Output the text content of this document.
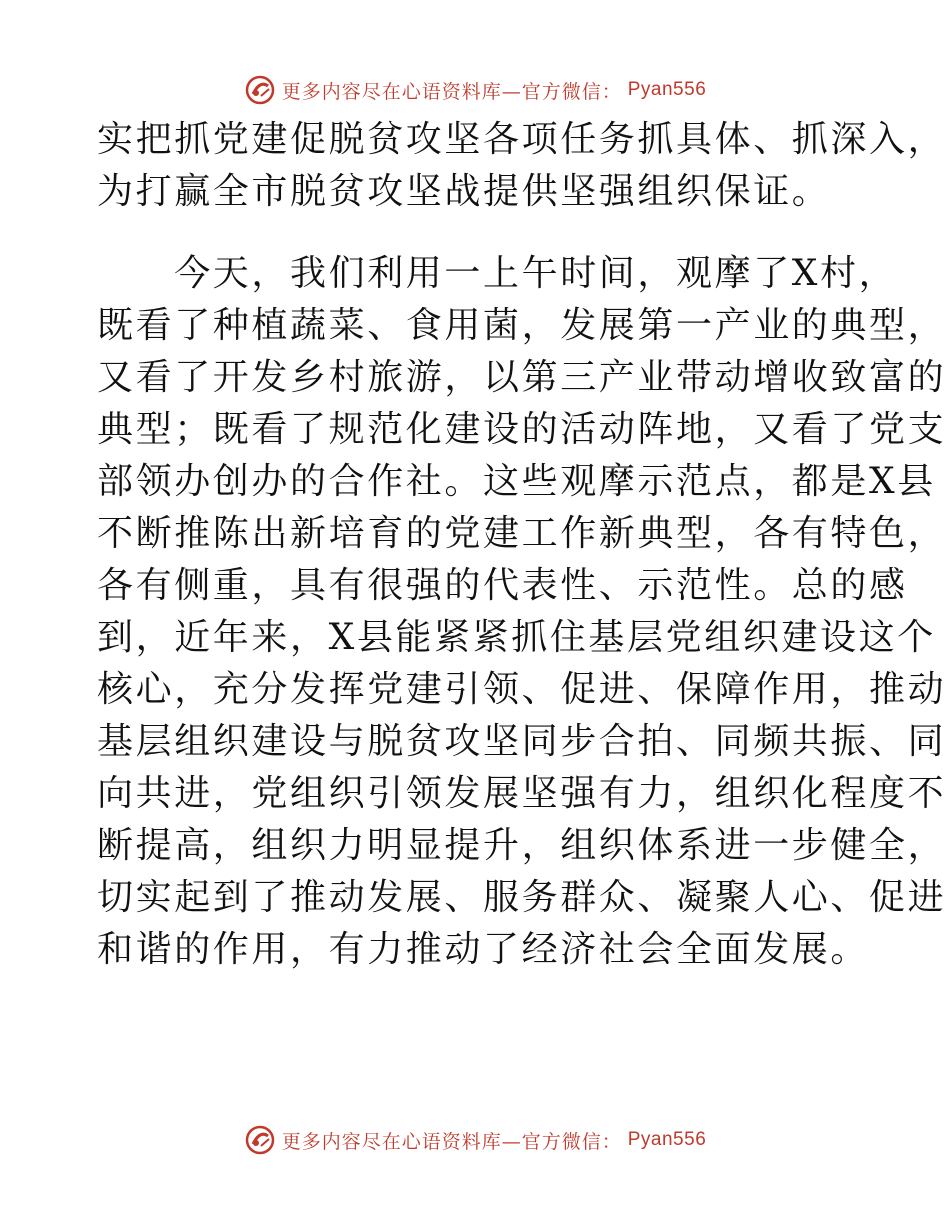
更多内容尽在心语资料库—官方微信： Pyan556
实把抓党建促脱贫攻坚各项任务抓具体、抓深入，
为打赢全市脱贫攻坚战提供坚强组织保证。
　　今天，我们利用一上午时间，观摩了X村，
既看了种植蔬菜、食用菌，发展第一产业的典型，
又看了开发乡村旅游，以第三产业带动增收致富的
典型；既看了规范化建设的活动阵地，又看了党支
部领办创办的合作社。这些观摩示范点，都是X县
不断推陈出新培育的党建工作新典型，各有特色，
各有侧重，具有很强的代表性、示范性。总的感
到，近年来，X县能紧紧抓住基层党组织建设这个
核心，充分发挥党建引领、促进、保障作用，推动
基层组织建设与脱贫攻坚同步合拍、同频共振、同
向共进，党组织引领发展坚强有力，组织化程度不
断提高，组织力明显提升，组织体系进一步健全，
切实起到了推动发展、服务群众、凝聚人心、促进
和谐的作用，有力推动了经济社会全面发展。
更多内容尽在心语资料库—官方微信： Pyan556
